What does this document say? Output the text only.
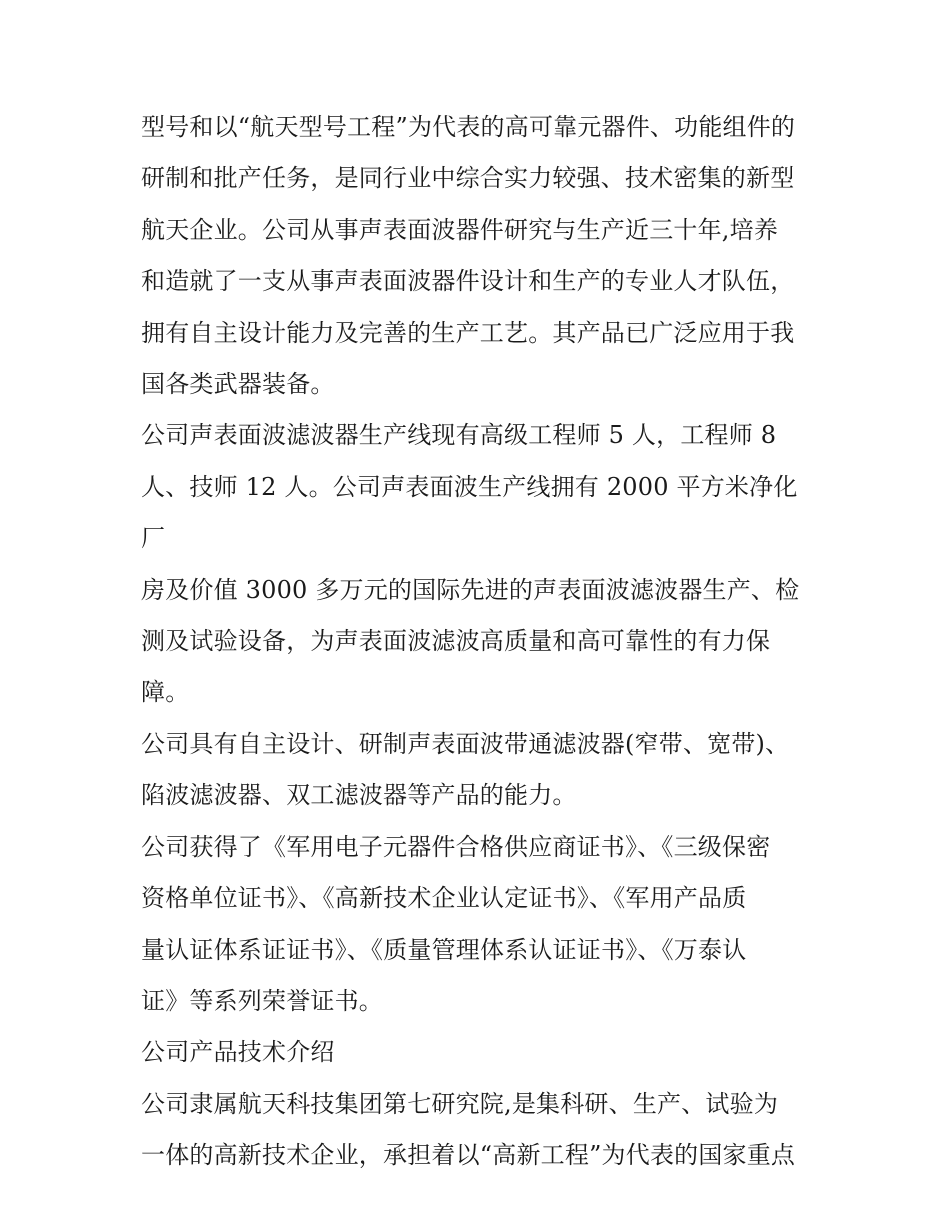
型号和以“航天型号工程”为代表的高可靠元器件、功能组件的
研制和批产任务，是同行业中综合实力较强、技术密集的新型
航天企业。公司从事声表面波器件研究与生产近三十年,培养
和造就了一支从事声表面波器件设计和生产的专业人才队伍，
拥有自主设计能力及完善的生产工艺。其产品已广泛应用于我
国各类武器装备。

公司声表面波滤波器生产线现有高级工程师 5 人，工程师 8
人、技师 12 人。公司声表面波生产线拥有 2000 平方米净化厂
房及价值 3000 多万元的国际先进的声表面波滤波器生产、检
测及试验设备，为声表面波滤波高质量和高可靠性的有力保
障。

公司具有自主设计、研制声表面波带通滤波器(窄带、宽带)、
陷波滤波器、双工滤波器等产品的能力。

公司获得了《军用电子元器件合格供应商证书》、《三级保密
资格单位证书》、《高新技术企业认定证书》、《军用产品质
量认证体系证证书》、《质量管理体系认证证书》、《万泰认
证》等系列荣誉证书。

公司产品技术介绍

公司隶属航天科技集团第七研究院,是集科研、生产、试验为
一体的高新技术企业，承担着以“高新工程”为代表的国家重点
